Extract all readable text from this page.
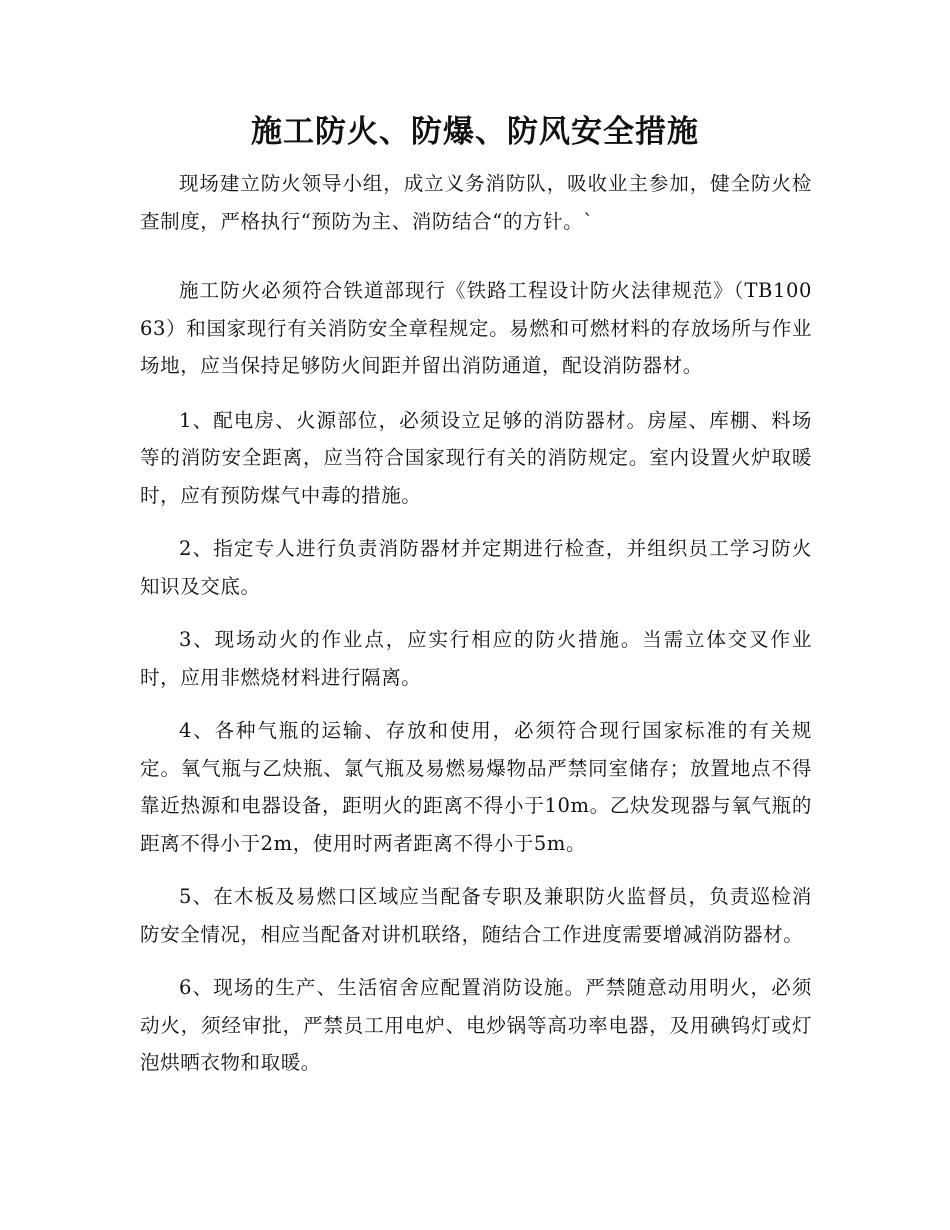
施工防火、防爆、防风安全措施

现场建立防火领导小组，成立义务消防队，吸收业主参加，健全防火检查制度，严格执行“预防为主、消防结合“的方针。`

施工防火必须符合铁道部现行《铁路工程设计防火法律规范》（TB10063）和国家现行有关消防安全章程规定。易燃和可燃材料的存放场所与作业场地，应当保持足够防火间距并留出消防通道，配设消防器材。

1、配电房、火源部位，必须设立足够的消防器材。房屋、库棚、料场等的消防安全距离，应当符合国家现行有关的消防规定。室内设置火炉取暖时，应有预防煤气中毒的措施。

2、指定专人进行负责消防器材并定期进行检查，并组织员工学习防火知识及交底。

3、现场动火的作业点，应实行相应的防火措施。当需立体交叉作业时，应用非燃烧材料进行隔离。

4、各种气瓶的运输、存放和使用，必须符合现行国家标准的有关规定。氧气瓶与乙炔瓶、氯气瓶及易燃易爆物品严禁同室储存；放置地点不得靠近热源和电器设备，距明火的距离不得小于10m。乙炔发现器与氧气瓶的距离不得小于2m，使用时两者距离不得小于5m。

5、在木板及易燃口区域应当配备专职及兼职防火监督员，负责巡检消防安全情况，相应当配备对讲机联络，随结合工作进度需要增减消防器材。

6、现场的生产、生活宿舍应配置消防设施。严禁随意动用明火，必须动火，须经审批，严禁员工用电炉、电炒锅等高功率电器，及用碘钨灯或灯泡烘晒衣物和取暖。
